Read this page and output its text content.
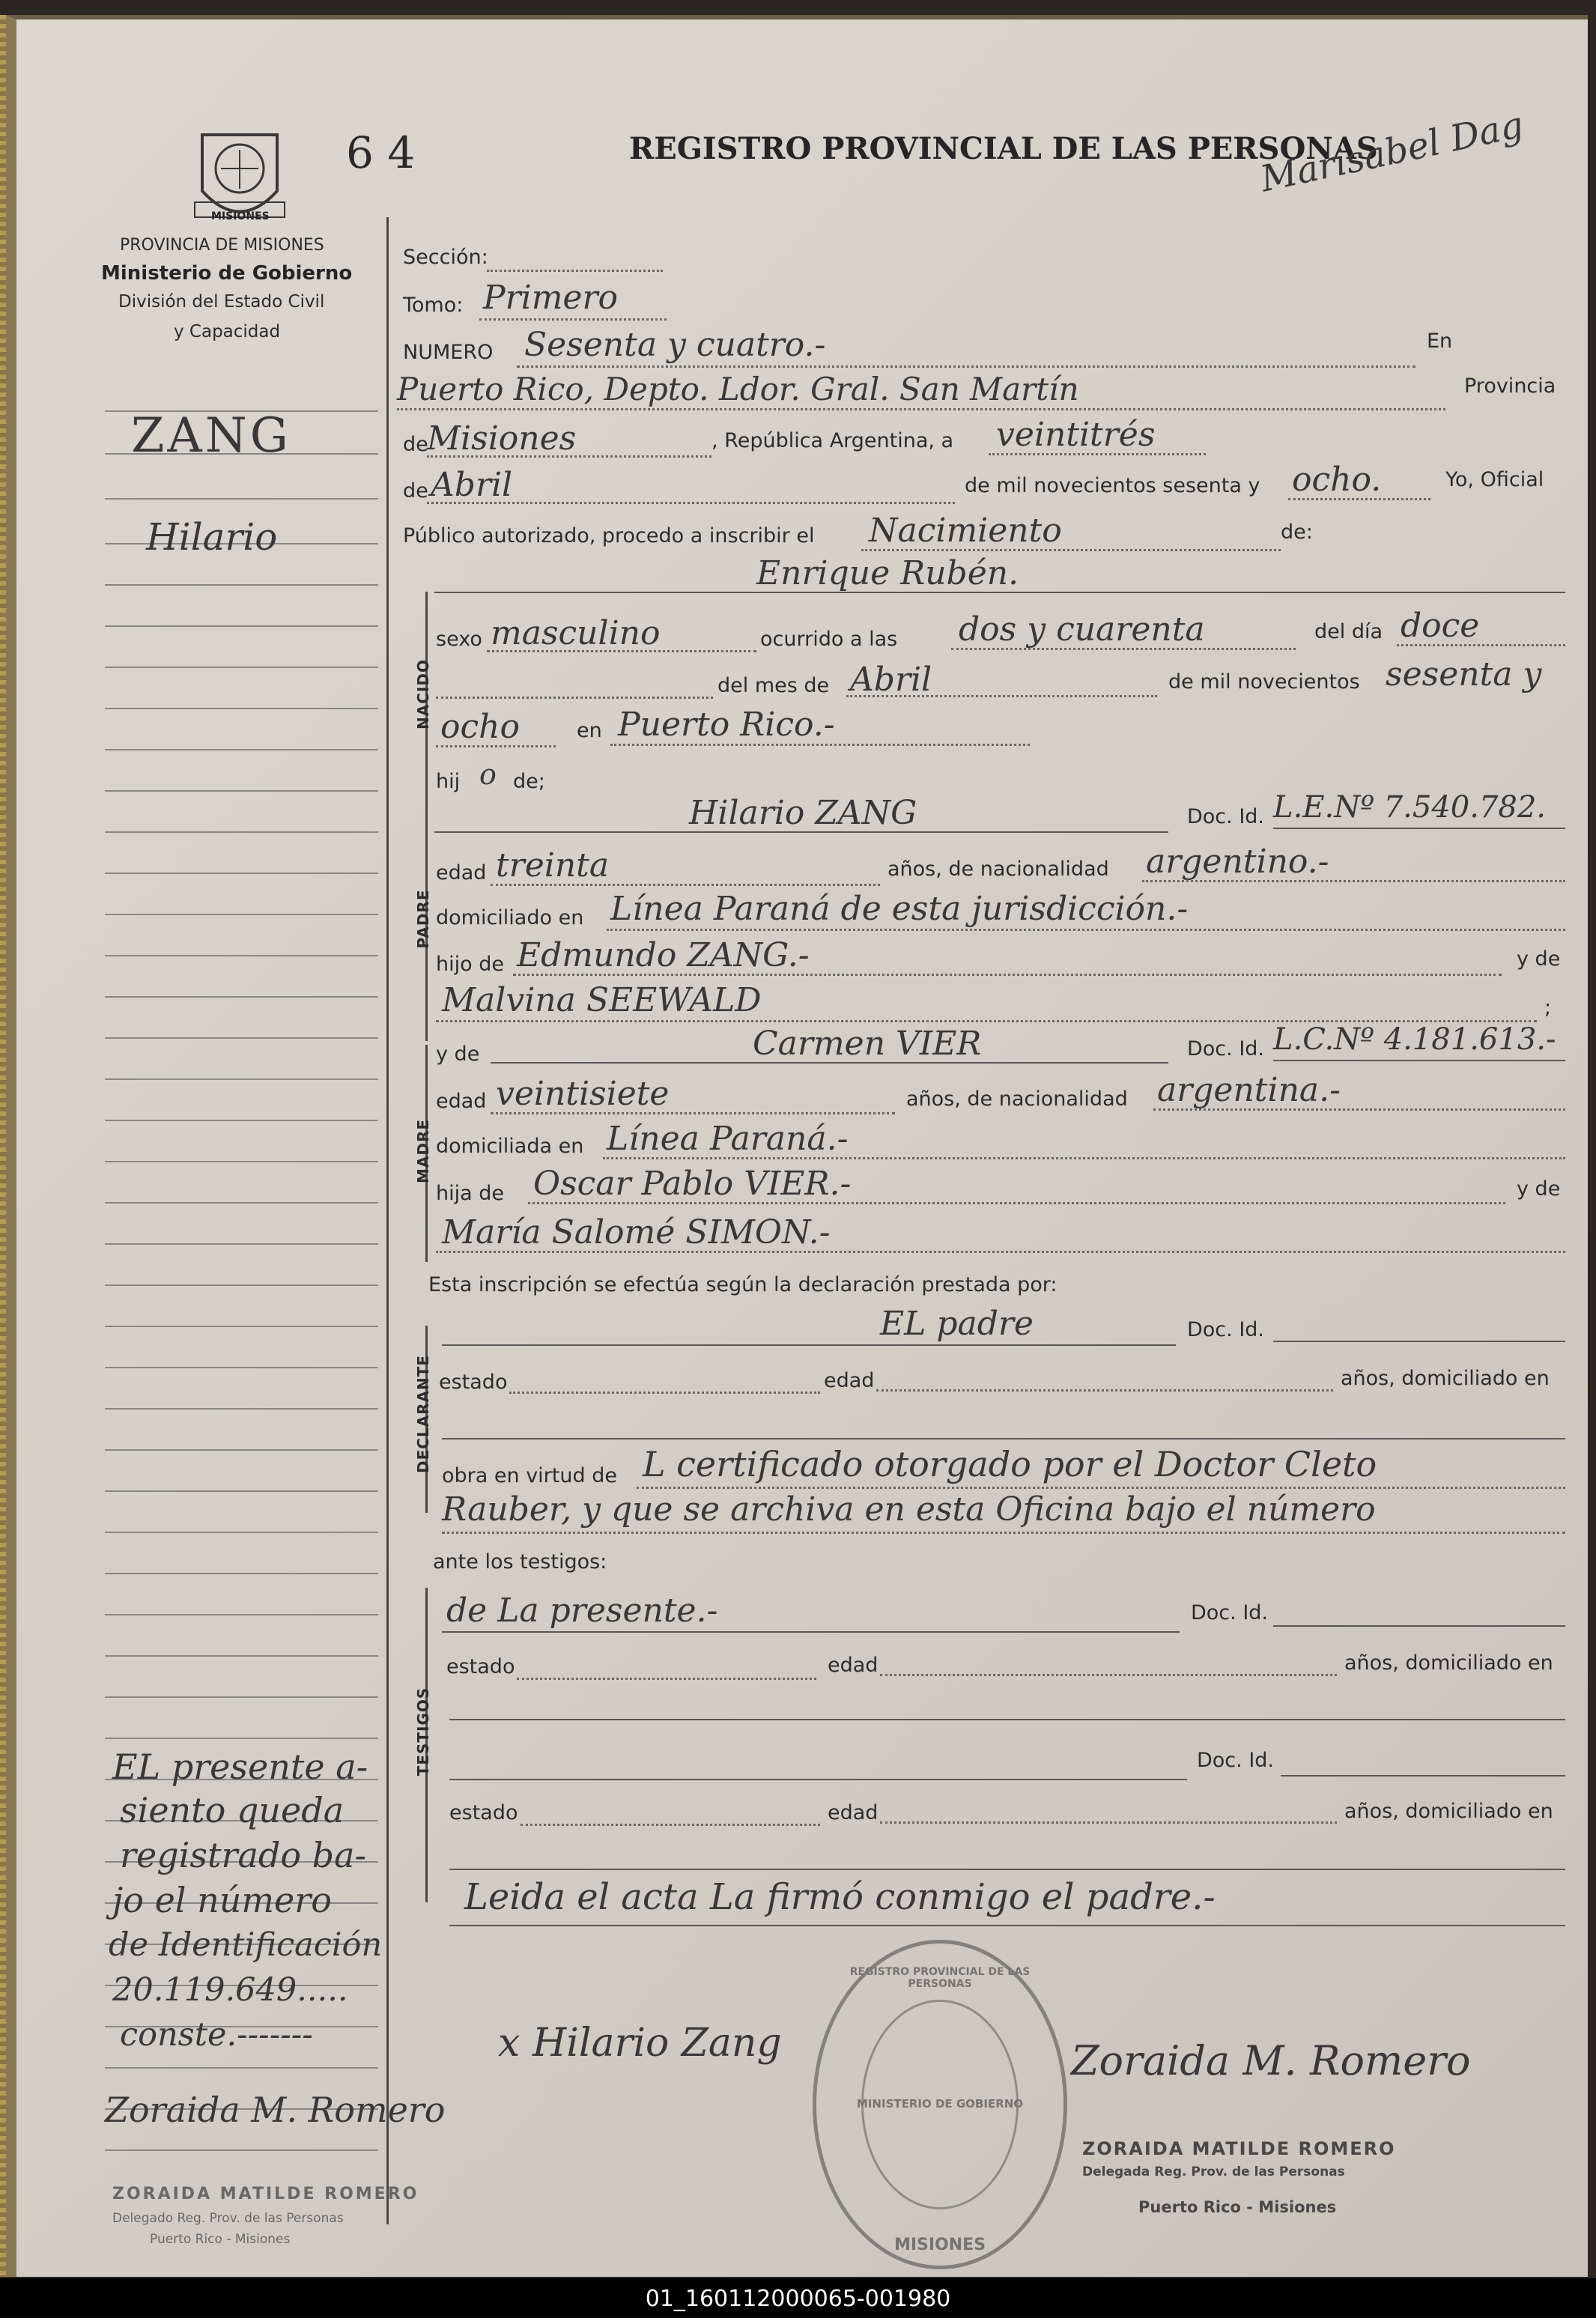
MISIONES
6 4	REGISTRO PROVINCIAL DE LAS PERSONAS
Marisabel Dag
PROVINCIA DE MISIONES
Ministerio de Gobierno
División del Estado Civil
y Capacidad
ZANG
Hilario
EL presente a-
siento queda
registrado ba-
jo el número
de Identificación
20.119.649.....
conste.-------
Zoraida M. Romero
ZORAIDA MATILDE ROMERO
Delegado Reg. Prov. de las Personas
Puerto Rico - Misiones
Sección:
Tomo: Primero
NUMERO Sesenta y cuatro.-	En
Puerto Rico, Depto. Ldor. Gral. San Martín	Provincia
de
Misiones	, República Argentina, a veintitrés
de Abril	de mil novecientos sesenta y ocho.	Yo, Oficial
Público autorizado, procedo a inscribir el Nacimiento	de:
NACIDO
Enrique Rubén.
sexo masculino	ocurrido a las dos y cuarenta	del día doce
del mes de Abril	de mil novecientos sesenta y
ocho	en Puerto Rico.-
hij o de;
PADRE
Hilario ZANG	Doc. Id. L.E.Nº 7.540.782.
edad treinta	años, de nacionalidad argentino.-
domiciliado en Línea Paraná de esta jurisdicción.-
hijo de Edmundo ZANG.-	y de
Malvina SEEWALD	;
MADRE
y de	Carmen VIER	Doc. Id. L.C.Nº 4.181.613.-
edad veintisiete	años, de nacionalidad argentina.-
domiciliada en Línea Paraná.-
hija de Oscar Pablo VIER.-	y de
María Salomé SIMON.-
Esta inscripción se efectúa según la declaración prestada por:
DECLARANTE
EL padre	Doc. Id.
estado	edad	años, domiciliado en
obra en virtud de L certificado otorgado por el Doctor Cleto
Rauber, y que se archiva en esta Oficina bajo el número
ante los testigos:
TESTIGOS
de La presente.-	Doc. Id.
estado	edad	años, domiciliado en
Doc. Id.
estado	edad	años, domiciliado en
Leida el acta La firmó conmigo el padre.-
REGISTRO PROVINCIAL DE LAS PERSONAS
MINISTERIO DE GOBIERNO
MISIONES
x Hilario Zang	Zoraida M. Romero
ZORAIDA MATILDE ROMERO
Delegada Reg. Prov. de las Personas
Puerto Rico - Misiones
01_160112000065-001980
